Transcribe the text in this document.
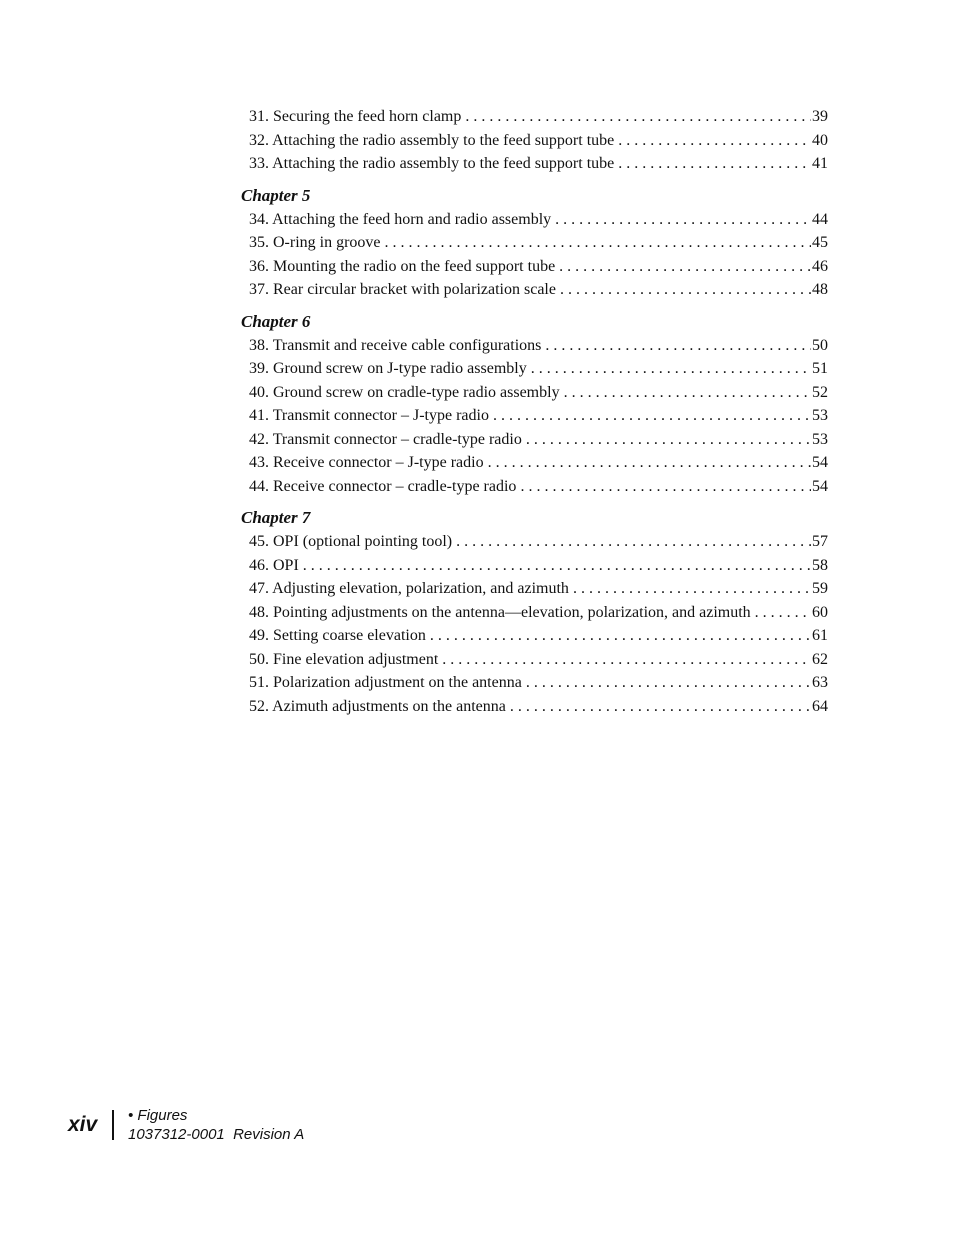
31. Securing the feed horn clamp . . .	39
32. Attaching the radio assembly to the feed support tube . . .	40
33. Attaching the radio assembly to the feed support tube . . .	41
Chapter 5
34. Attaching the feed horn and radio assembly . . .	44
35. O-ring in groove . . .	45
36. Mounting the radio on the feed support tube . . .	46
37. Rear circular bracket with polarization scale . . .	48
Chapter 6
38. Transmit and receive cable configurations . . .	50
39. Ground screw on J-type radio assembly . . .	51
40. Ground screw on cradle-type radio assembly . . .	52
41. Transmit connector – J-type radio . . .	53
42. Transmit connector – cradle-type radio . . .	53
43. Receive connector – J-type radio . . .	54
44. Receive connector – cradle-type radio . . .	54
Chapter 7
45. OPI (optional pointing tool) . . .	57
46. OPI . . .	58
47. Adjusting elevation, polarization, and azimuth . . .	59
48. Pointing adjustments on the antenna—elevation, polarization, and azimuth . . .	60
49. Setting coarse elevation . . .	61
50. Fine elevation adjustment . . .	62
51. Polarization adjustment on the antenna . . .	63
52. Azimuth adjustments on the antenna . . .	64
xiv • Figures
1037312-0001  Revision A
